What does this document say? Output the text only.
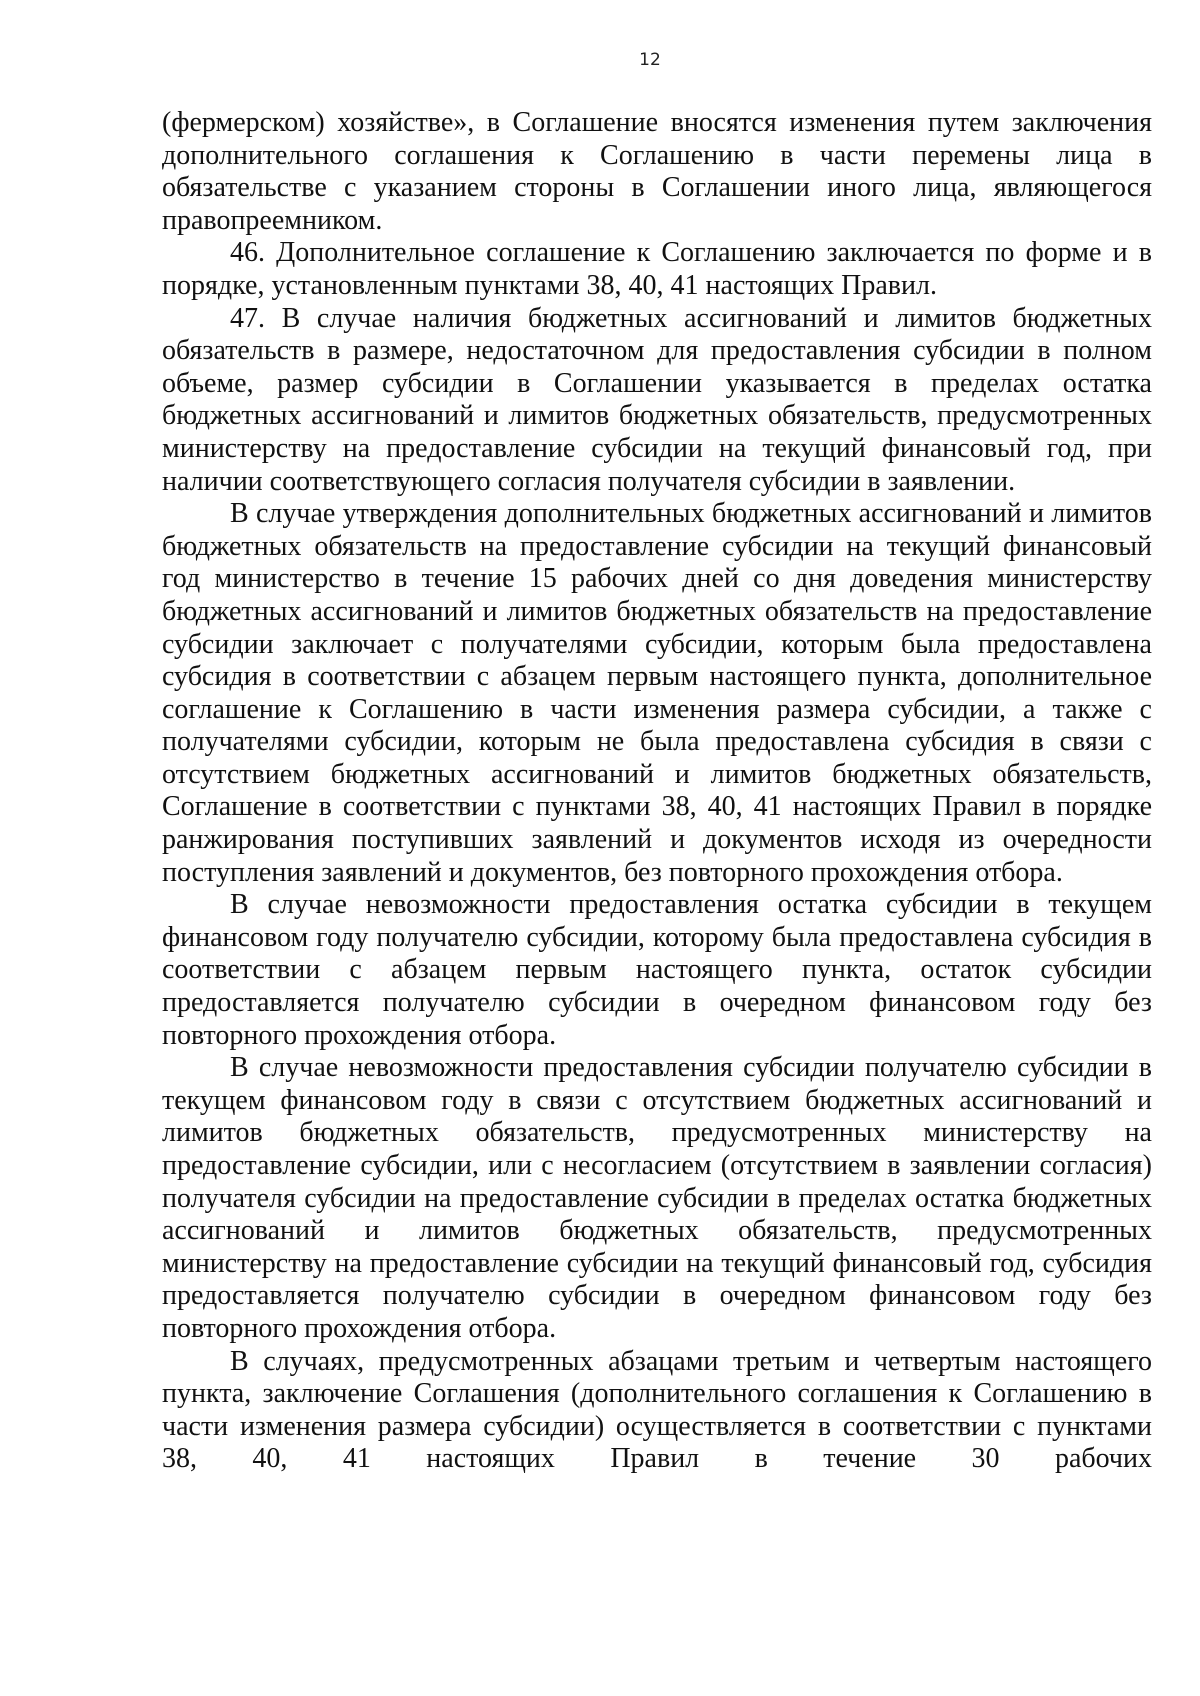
12

(фермерском) хозяйстве», в Соглашение вносятся изменения путем заключения дополнительного соглашения к Соглашению в части перемены лица в обязательстве с указанием стороны в Соглашении иного лица, являющегося правопреемником.

46. Дополнительное соглашение к Соглашению заключается по форме и в порядке, установленным пунктами 38, 40, 41 настоящих Правил.

47. В случае наличия бюджетных ассигнований и лимитов бюджетных обязательств в размере, недостаточном для предоставления субсидии в полном объеме, размер субсидии в Соглашении указывается в пределах остатка бюджетных ассигнований и лимитов бюджетных обязательств, предусмотренных министерству на предоставление субсидии на текущий финансовый год, при наличии соответствующего согласия получателя субсидии в заявлении.

В случае утверждения дополнительных бюджетных ассигнований и лимитов бюджетных обязательств на предоставление субсидии на текущий финансовый год министерство в течение 15 рабочих дней со дня доведения министерству бюджетных ассигнований и лимитов бюджетных обязательств на предоставление субсидии заключает с получателями субсидии, которым была предоставлена субсидия в соответствии с абзацем первым настоящего пункта, дополнительное соглашение к Соглашению в части изменения размера субсидии, а также с получателями субсидии, которым не была предоставлена субсидия в связи с отсутствием бюджетных ассигнований и лимитов бюджетных обязательств, Соглашение в соответствии с пунктами 38, 40, 41 настоящих Правил в порядке ранжирования поступивших заявлений и документов исходя из очередности поступления заявлений и документов, без повторного прохождения отбора.

В случае невозможности предоставления остатка субсидии в текущем финансовом году получателю субсидии, которому была предоставлена субсидия в соответствии с абзацем первым настоящего пункта, остаток субсидии предоставляется получателю субсидии в очередном финансовом году без повторного прохождения отбора.

В случае невозможности предоставления субсидии получателю субсидии в текущем финансовом году в связи с отсутствием бюджетных ассигнований и лимитов бюджетных обязательств, предусмотренных министерству на предоставление субсидии, или с несогласием (отсутствием в заявлении согласия) получателя субсидии на предоставление субсидии в пределах остатка бюджетных ассигнований и лимитов бюджетных обязательств, предусмотренных министерству на предоставление субсидии на текущий финансовый год, субсидия предоставляется получателю субсидии в очередном финансовом году без повторного прохождения отбора.

В случаях, предусмотренных абзацами третьим и четвертым настоящего пункта, заключение Соглашения (дополнительного соглашения к Соглашению в части изменения размера субсидии) осуществляется в соответствии с пунктами 38, 40, 41 настоящих Правил в течение 30 рабочих
